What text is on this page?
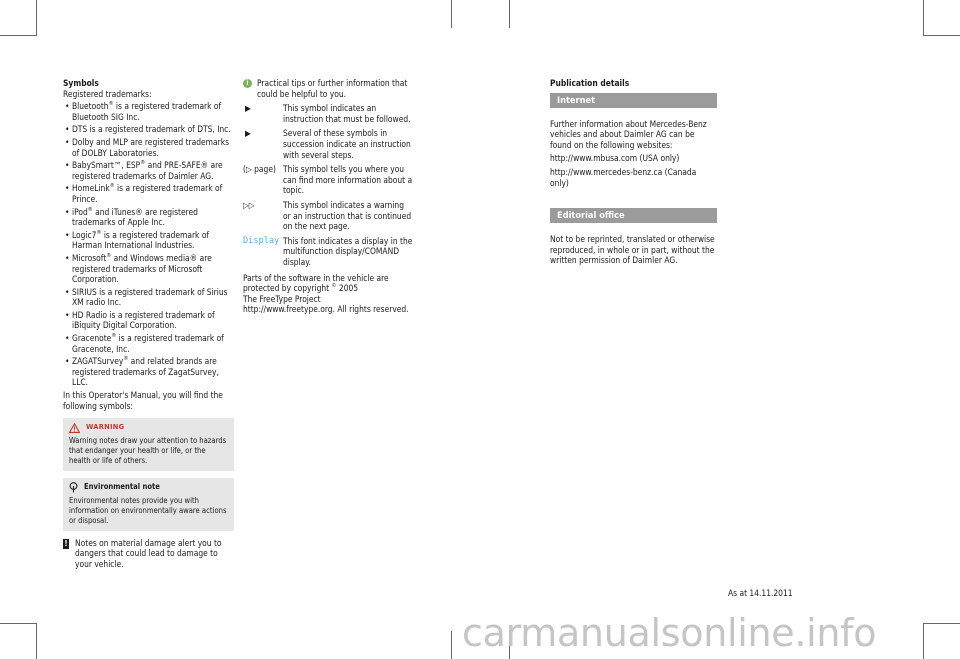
Symbols

Registered trademarks:

• Bluetooth® is a registered trademark of Bluetooth SIG Inc.

• DTS is a registered trademark of DTS, Inc.

• Dolby and MLP are registered trademarks of DOLBY Laboratories.

• BabySmart™, ESP® and PRE-SAFE® are registered trademarks of Daimler AG.

• HomeLink® is a registered trademark of Prince.

• iPod® and iTunes® are registered trademarks of Apple Inc.

• Logic7® is a registered trademark of Harman International Industries.

• Microsoft® and Windows media® are registered trademarks of Microsoft Corporation.

• SIRIUS is a registered trademark of Sirius XM radio Inc.

• HD Radio is a registered trademark of iBiquity Digital Corporation.

• Gracenote® is a registered trademark of Gracenote, Inc.

• ZAGATSurvey® and related brands are registered trademarks of ZagatSurvey, LLC.

In this Operator's Manual, you will find the following symbols:

WARNING

Warning notes draw your attention to hazards that endanger your health or life, or the health or life of others.

Environmental note

Environmental notes provide you with information on environmentally aware actions or disposal.

! Notes on material damage alert you to dangers that could lead to damage to your vehicle.

i	Practical tips or further information that could be helpful to you.

▶	This symbol indicates an instruction that must be followed.
▶	Several of these symbols in succession indicate an instruction with several steps.
(▷ page) This symbol tells you where you can find more information about a topic.
▷▷	This symbol indicates a warning or an instruction that is continued on the next page.
Display This font indicates a display in the multifunction display/COMAND display.

Parts of the software in the vehicle are

protected by copyright © 2005

The FreeType Project

http://www.freetype.org. All rights reserved.

Publication details

Internet

Further information about Mercedes-Benz vehicles and about Daimler AG can be found on the following websites:

http://www.mbusa.com (USA only)

http://www.mercedes-benz.ca (Canada only)

Editorial office

Not to be reprinted, translated or otherwise reproduced, in whole or in part, without the written permission of Daimler AG.

As at 14.11.2011
carmanualsonline.info
